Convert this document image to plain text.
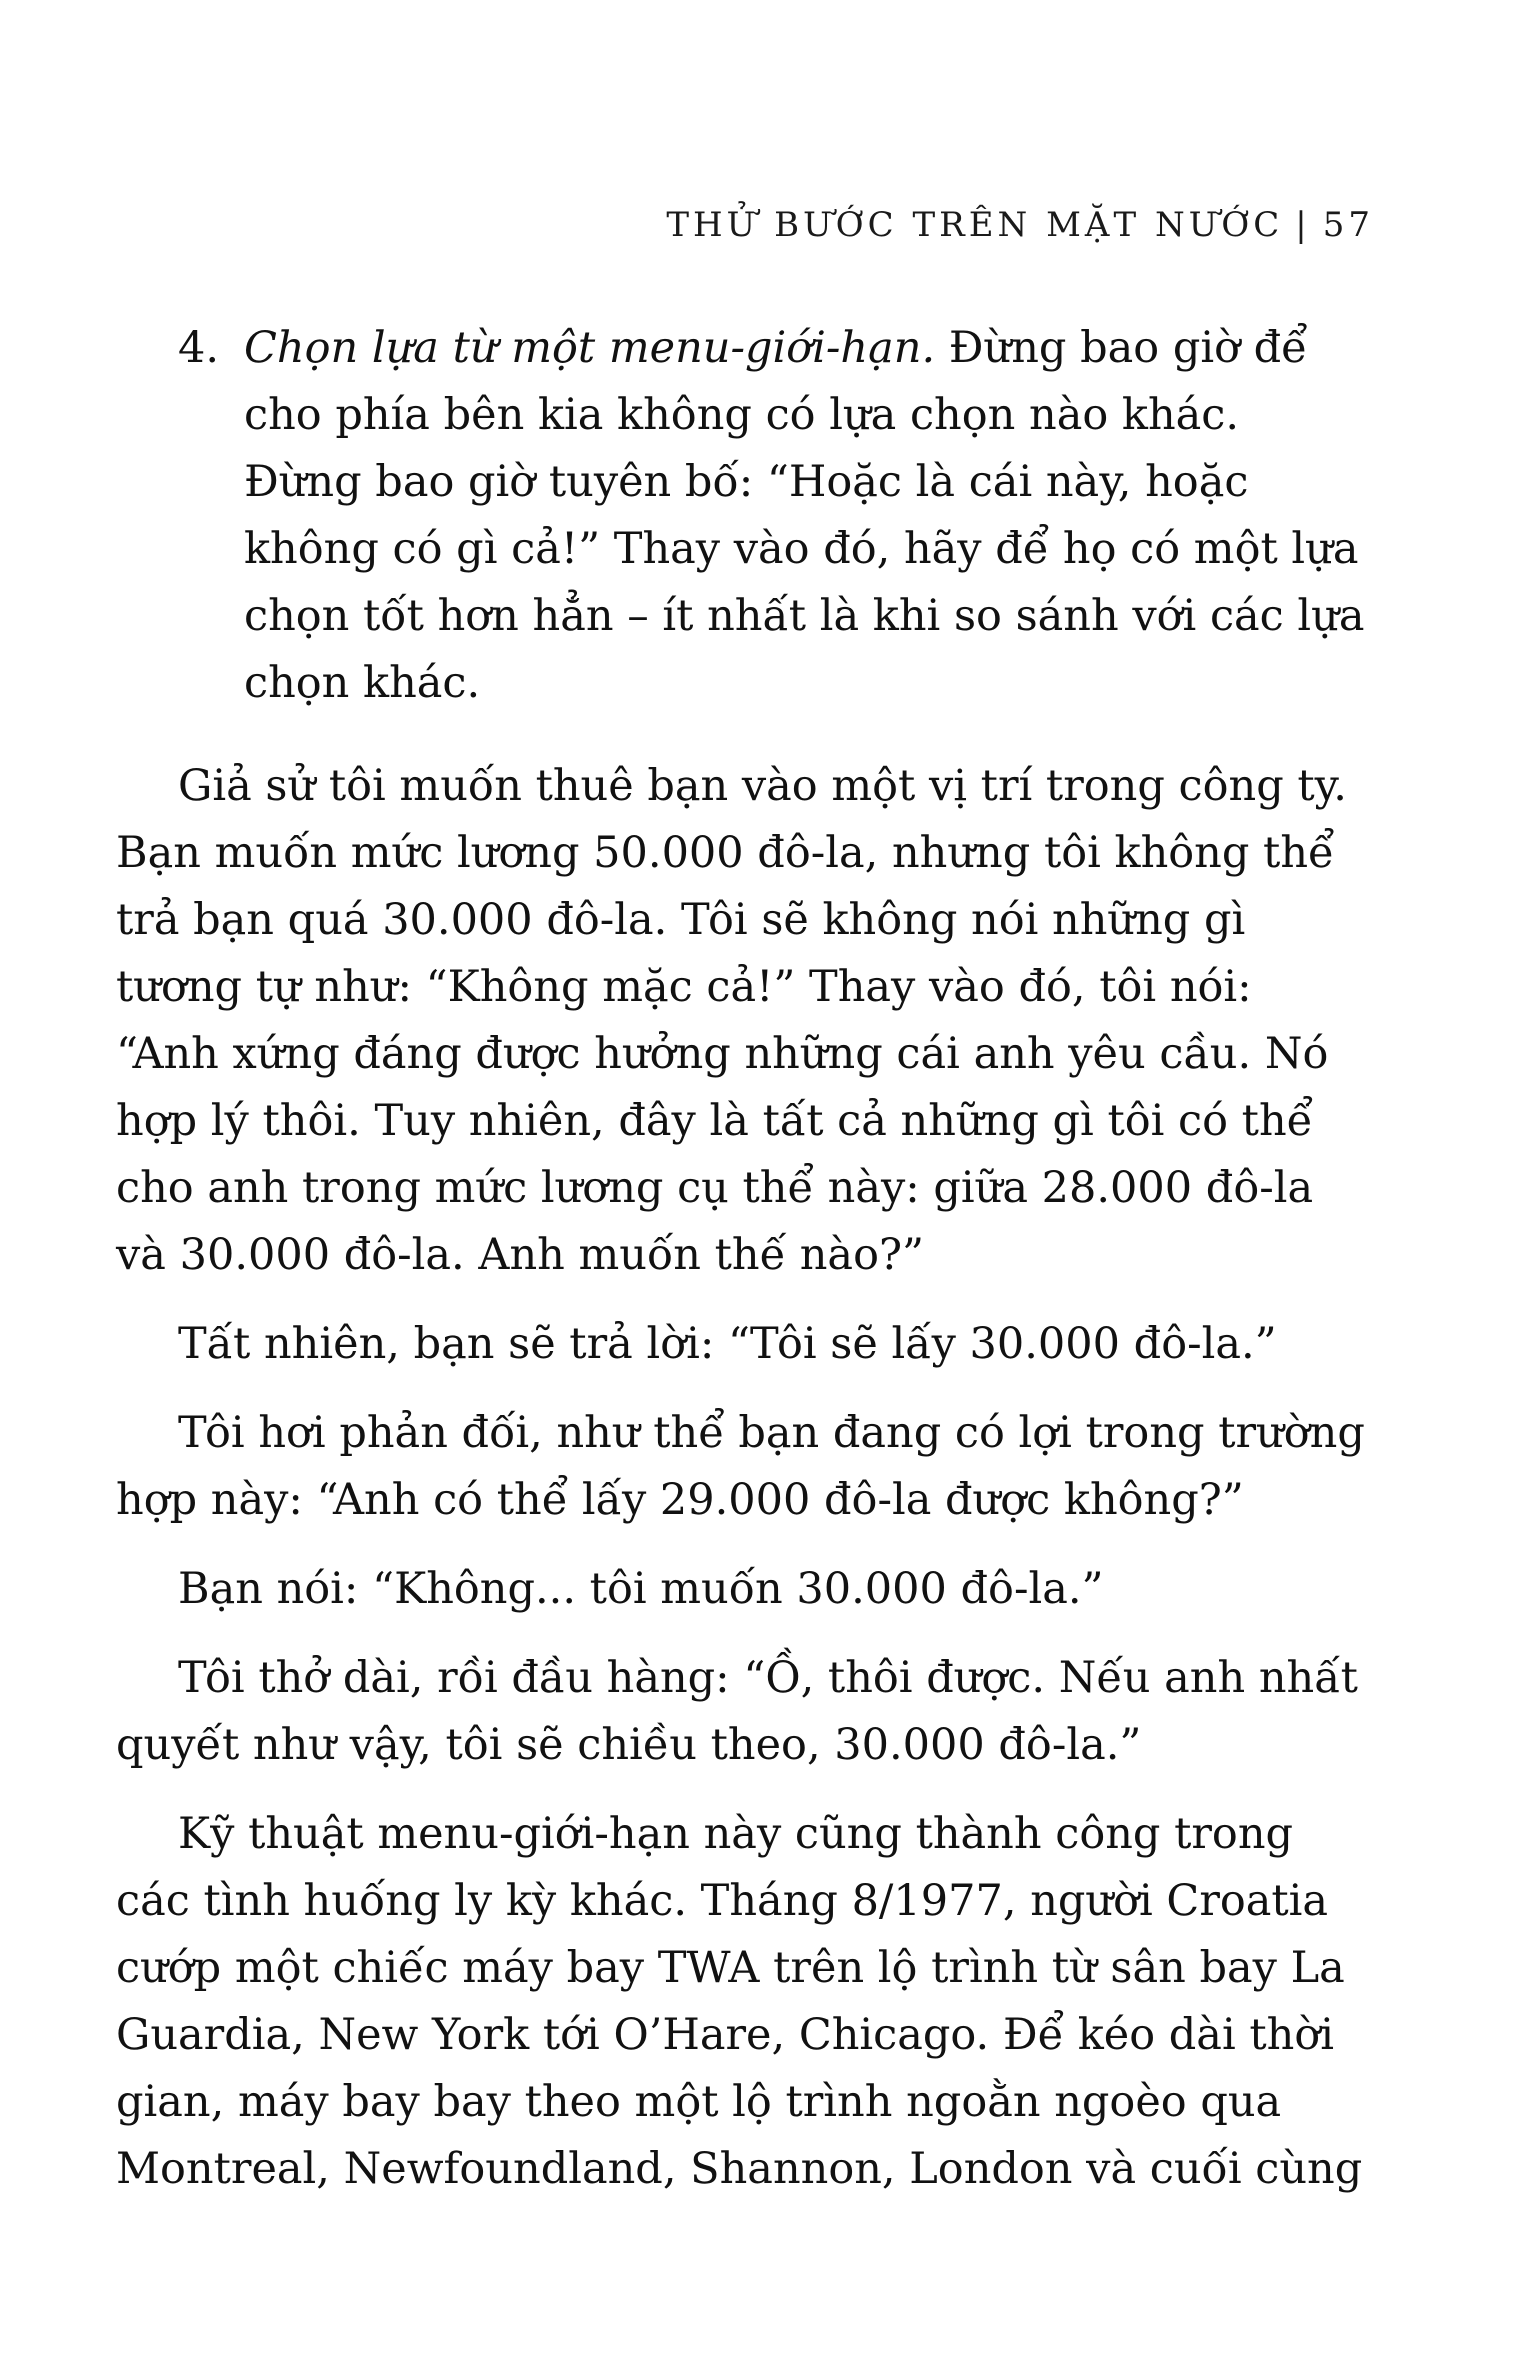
THỬ BƯỚC TRÊN MẶT NƯỚC | 57
4. Chọn lựa từ một menu-giới-hạn. Đừng bao giờ để cho phía bên kia không có lựa chọn nào khác. Đừng bao giờ tuyên bố: “Hoặc là cái này, hoặc không có gì cả!” Thay vào đó, hãy để họ có một lựa chọn tốt hơn hẳn – ít nhất là khi so sánh với các lựa chọn khác.

Giả sử tôi muốn thuê bạn vào một vị trí trong công ty. Bạn muốn mức lương 50.000 đô-la, nhưng tôi không thể trả bạn quá 30.000 đô-la. Tôi sẽ không nói những gì tương tự như: “Không mặc cả!” Thay vào đó, tôi nói: “Anh xứng đáng được hưởng những cái anh yêu cầu. Nó hợp lý thôi. Tuy nhiên, đây là tất cả những gì tôi có thể cho anh trong mức lương cụ thể này: giữa 28.000 đô-la và 30.000 đô-la. Anh muốn thế nào?”

Tất nhiên, bạn sẽ trả lời: “Tôi sẽ lấy 30.000 đô-la.”

Tôi hơi phản đối, như thể bạn đang có lợi trong trường hợp này: “Anh có thể lấy 29.000 đô-la được không?”

Bạn nói: “Không... tôi muốn 30.000 đô-la.”

Tôi thở dài, rồi đầu hàng: “Ồ, thôi được. Nếu anh nhất quyết như vậy, tôi sẽ chiều theo, 30.000 đô-la.”

Kỹ thuật menu-giới-hạn này cũng thành công trong các tình huống ly kỳ khác. Tháng 8/1977, người Croatia cướp một chiếc máy bay TWA trên lộ trình từ sân bay La Guardia, New York tới O’Hare, Chicago. Để kéo dài thời gian, máy bay bay theo một lộ trình ngoằn ngoèo qua Montreal, Newfoundland, Shannon, London và cuối cùng
